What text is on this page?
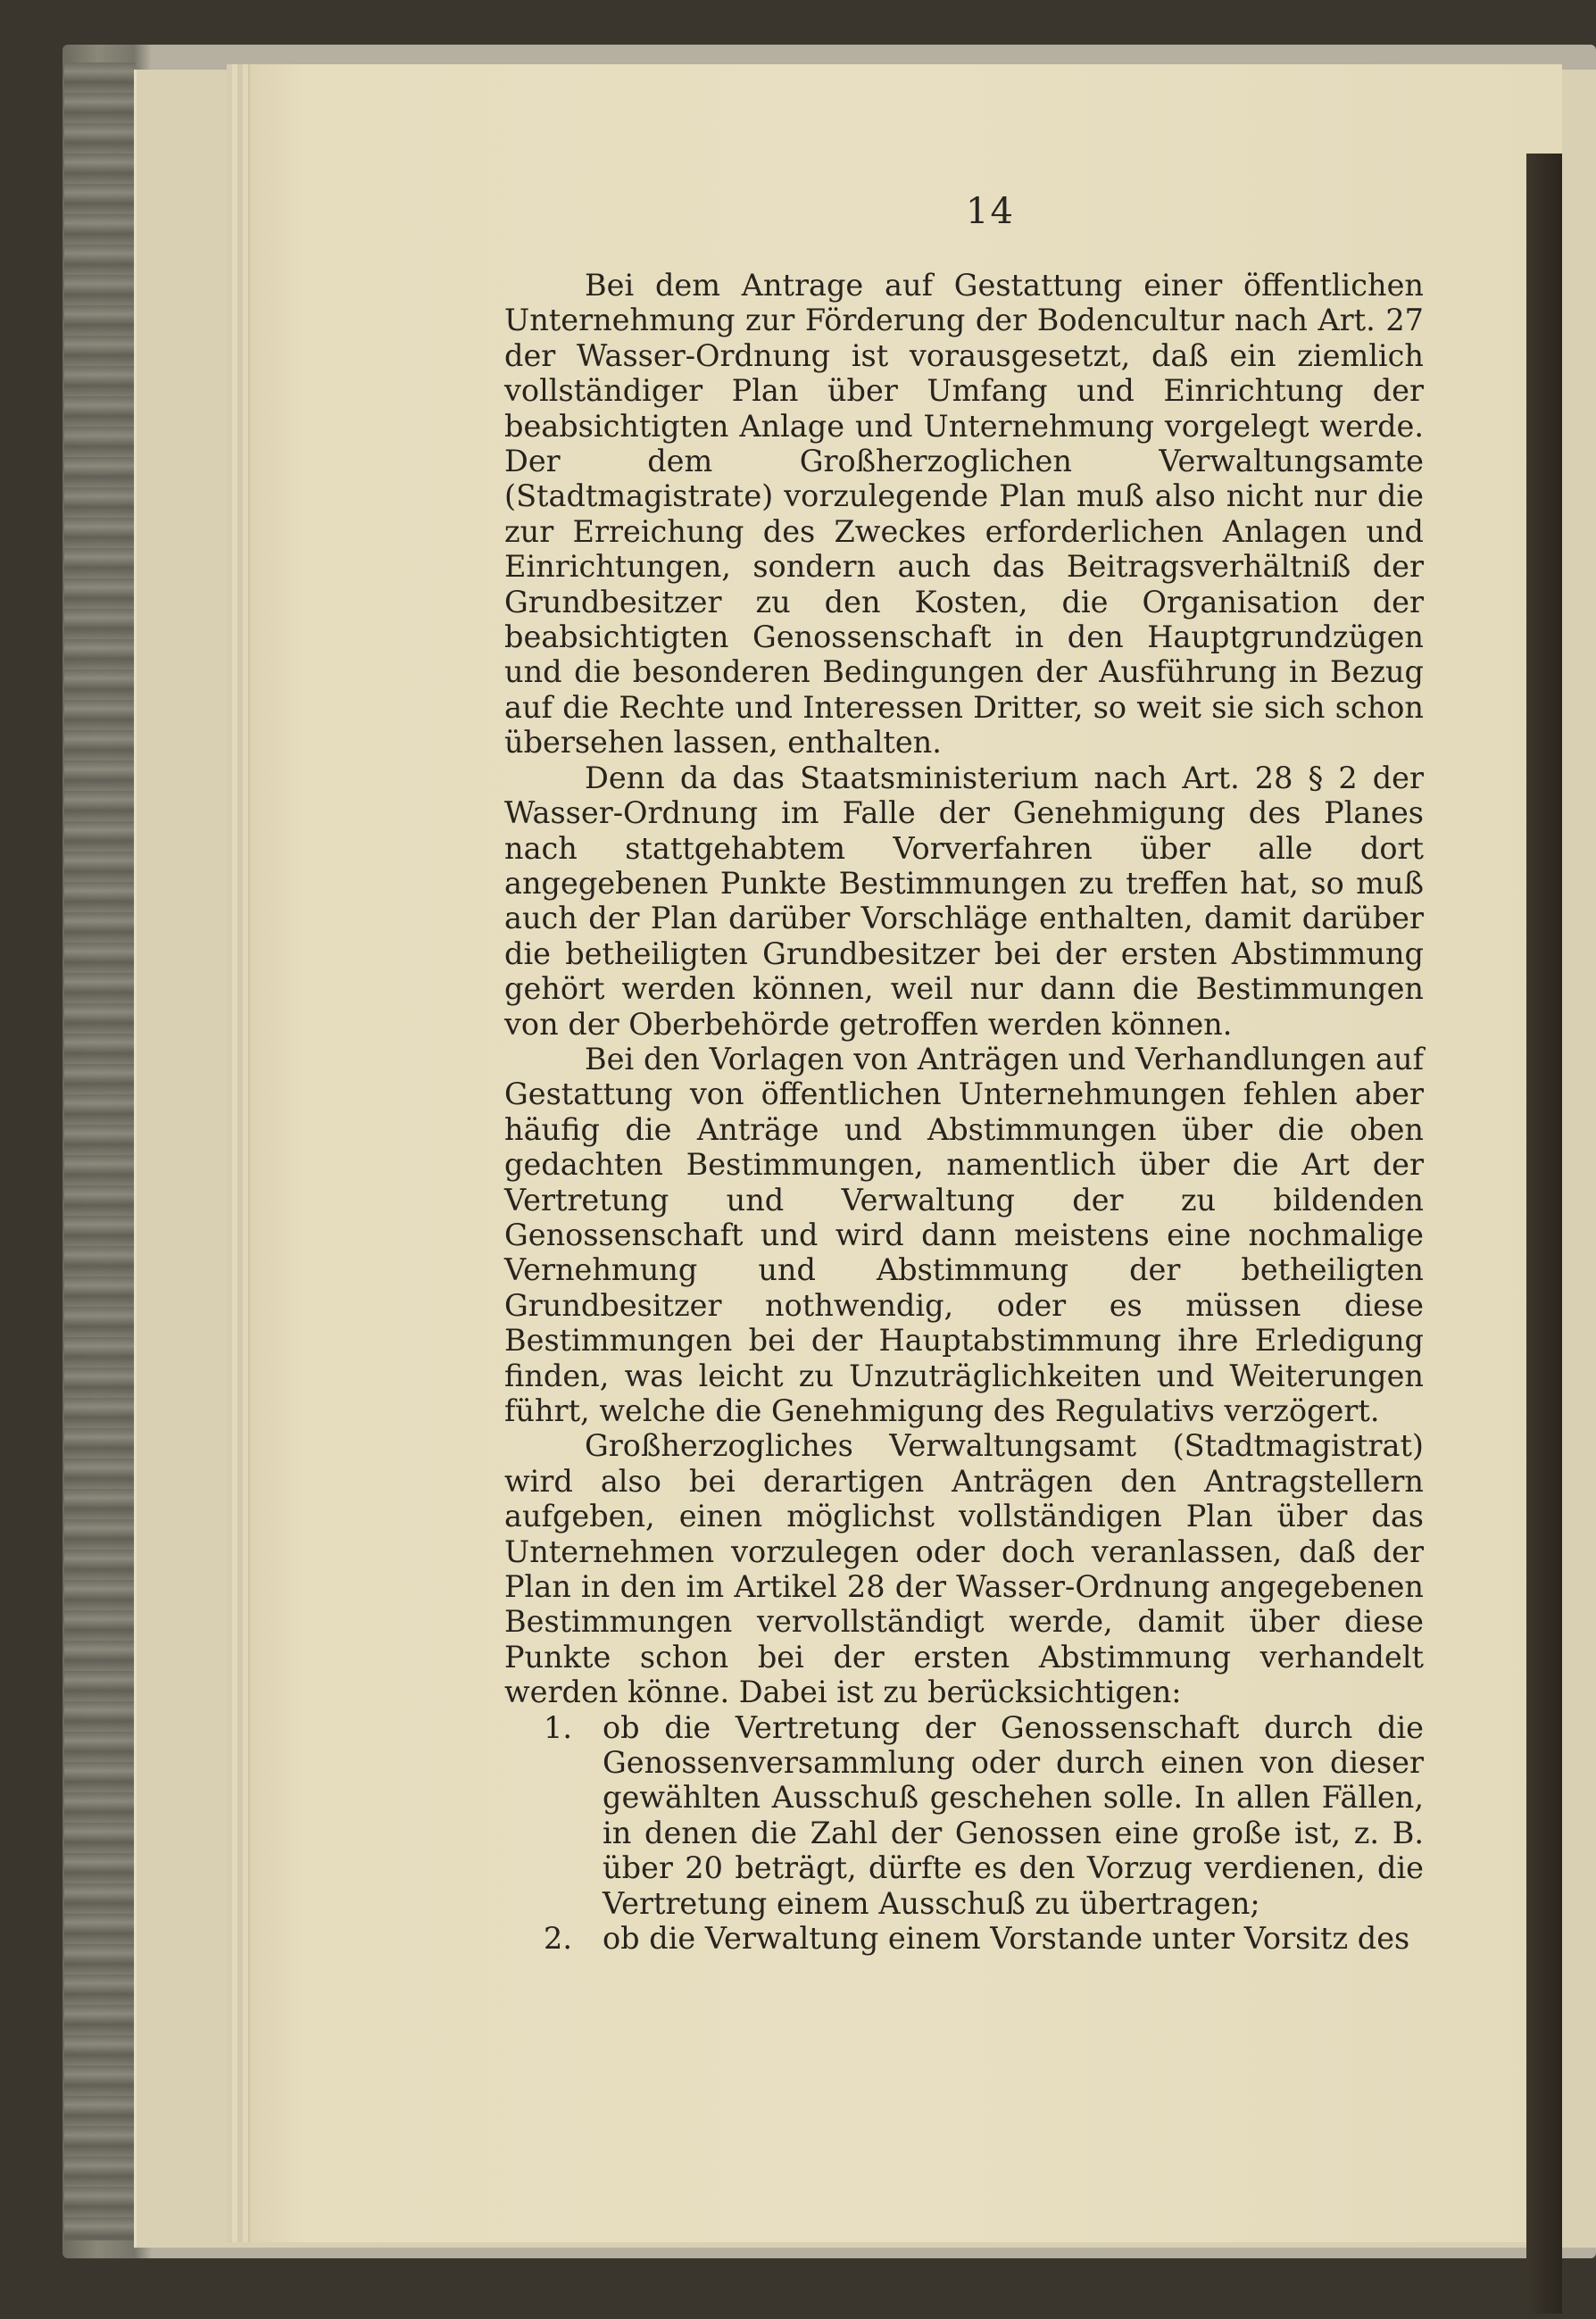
14

Bei dem Antrage auf Gestattung einer öffentlichen Unternehmung zur Förderung der Bodencultur nach Art. 27 der Wasser-Ordnung ist vorausgesetzt, daß ein ziemlich vollständiger Plan über Umfang und Einrichtung der beabsichtigten Anlage und Unternehmung vorgelegt werde. Der dem Großherzoglichen Verwaltungsamte (Stadtmagistrate) vorzulegende Plan muß also nicht nur die zur Erreichung des Zweckes erforderlichen Anlagen und Einrichtungen, sondern auch das Beitragsverhältniß der Grundbesitzer zu den Kosten, die Organisation der beabsichtigten Genossenschaft in den Hauptgrundzügen und die besonderen Bedingungen der Ausführung in Bezug auf die Rechte und Interessen Dritter, so weit sie sich schon übersehen lassen, enthalten.

Denn da das Staatsministerium nach Art. 28 § 2 der Wasser-Ordnung im Falle der Genehmigung des Planes nach stattgehabtem Vorverfahren über alle dort angegebenen Punkte Bestimmungen zu treffen hat, so muß auch der Plan darüber Vorschläge enthalten, damit darüber die betheiligten Grundbesitzer bei der ersten Abstimmung gehört werden können, weil nur dann die Bestimmungen von der Oberbehörde getroffen werden können.

Bei den Vorlagen von Anträgen und Verhandlungen auf Gestattung von öffentlichen Unternehmungen fehlen aber häufig die Anträge und Abstimmungen über die oben gedachten Bestimmungen, namentlich über die Art der Vertretung und Verwaltung der zu bildenden Genossenschaft und wird dann meistens eine nochmalige Vernehmung und Abstimmung der betheiligten Grundbesitzer nothwendig, oder es müssen diese Bestimmungen bei der Hauptabstimmung ihre Erledigung finden, was leicht zu Unzuträglichkeiten und Weiterungen führt, welche die Genehmigung des Regulativs verzögert.

Großherzogliches Verwaltungsamt (Stadtmagistrat) wird also bei derartigen Anträgen den Antragstellern aufgeben, einen möglichst vollständigen Plan über das Unternehmen vorzulegen oder doch veranlassen, daß der Plan in den im Artikel 28 der Wasser-Ordnung angegebenen Bestimmungen vervollständigt werde, damit über diese Punkte schon bei der ersten Abstimmung verhandelt werden könne. Dabei ist zu berücksichtigen:

1. ob die Vertretung der Genossenschaft durch die Genossenversammlung oder durch einen von dieser gewählten Ausschuß geschehen solle. In allen Fällen, in denen die Zahl der Genossen eine große ist, z. B. über 20 beträgt, dürfte es den Vorzug verdienen, die Vertretung einem Ausschuß zu übertragen;
2. ob die Verwaltung einem Vorstande unter Vorsitz des
